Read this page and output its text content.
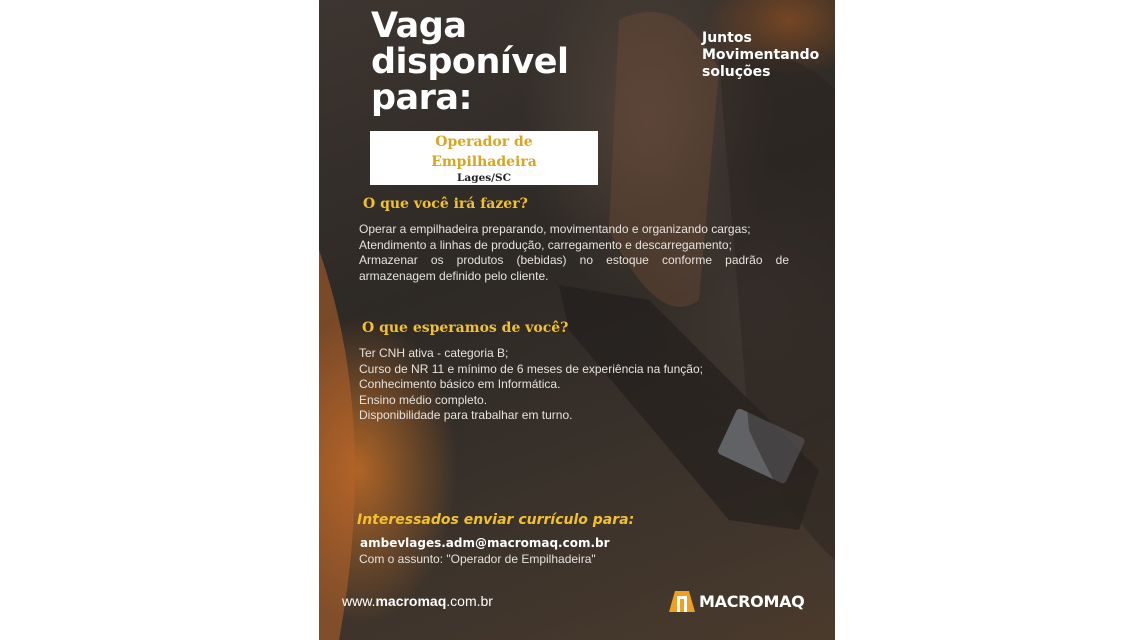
Vaga
disponível
para:

Juntos
Movimentando
soluções

Operador de
Empilhadeira
Lages/SC
O que você irá fazer?
Operar a empilhadeira preparando, movimentando e organizando cargas;
Atendimento a linhas de produção, carregamento e descarregamento;
Armazenar os produtos (bebidas) no estoque conforme padrão de armazenagem definido pelo cliente.
O que esperamos de você?
Ter CNH ativa - categoria B;
Curso de NR 11 e mínimo de 6 meses de experiência na função;
Conhecimento básico em Informática.
Ensino médio completo.
Disponibilidade para trabalhar em turno.

Interessados enviar currículo para:

ambevlages.adm@macromaq.com.br
Com o assunto: "Operador de Empilhadeira"
www.macromaq.com.br	MACROMAQ
